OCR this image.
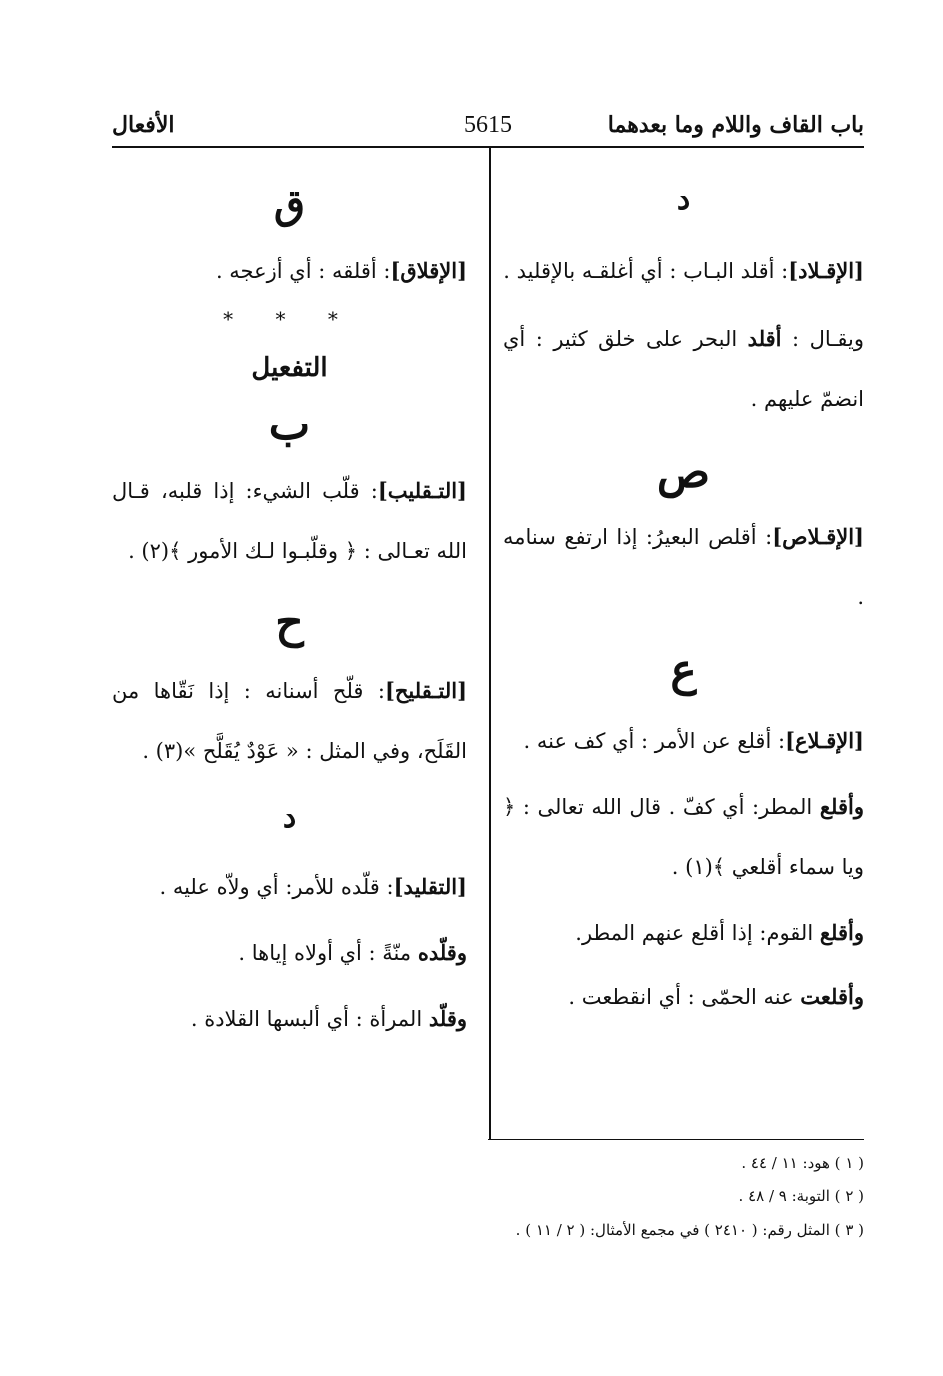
باب القاف واللام وما بعدهما
5615
الأفعال
د

[الإقـلاد]: أقلد البـاب : أي أغلقـه بالإقليد .

ويقـال : أقلد البحر على خلق كثير : أي انضمّ عليهم .

ص

[الإقـلاص]: أقلص البعيرُ: إذا ارتفع سنامه .

ع

[الإقـلاع]: أقلع عن الأمر : أي كف عنه .

وأقلع المطر: أي كفّ . قال الله تعالى : ﴿ ويا سماء أقلعي ﴾(١) .

وأقلع القوم: إذا أقلع عنهم المطر.

وأقلعت عنه الحمّى : أي انقطعت .

ق

[الإقلاق]: أقلقه : أي أزعجه .

* * *
التفعيل
ب

[التـقليب]: قلّب الشيء: إذا قلبه، قـال الله تعـالى : ﴿ وقلّبـوا لـك الأمور ﴾(٢) .

ح

[التـقليح]: قلّح أسنانه : إذا نَقّاها من القَلَح، وفي المثل : « عَوْدٌ يُقَلَّح »(٣) .

د

[التقليد]: قلّده للأمر: أي ولاّه عليه .

وقلّده منّةً : أي أولاه إياها .

وقلّد المرأة : أي ألبسها القلادة .

( ١ ) هود: ١١ / ٤٤ .
( ٢ ) التوبة: ٩ / ٤٨ .
( ٣ ) المثل رقم: ( ٢٤١٠ ) في مجمع الأمثال: ( ٢ / ١١ ) .
